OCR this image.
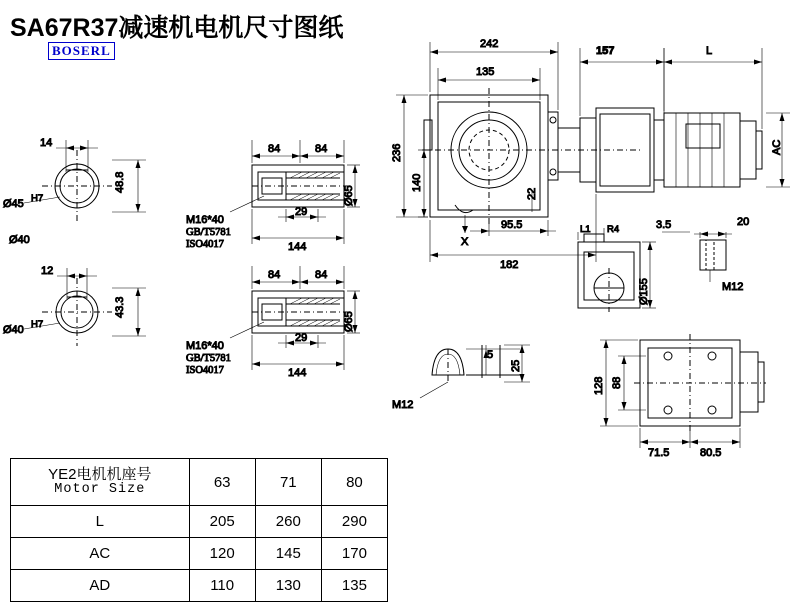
SA67R37减速机电机尺寸图纸
BOSERL
14
Ø45 H7
48.8
Ø40
12
Ø40 H7
43.3
84	84
29
144
Ø65
M16*40
GB/T5781
ISO4017
84	84
29
144
Ø65
M16*40
GB/T5781
ISO4017
242
135
157	L
AC
236
140
22
X
95.5
182
L1 R4	3.5	20
M12
Ø155
5
25
M12
128 88
71.5	80.5
YE2电机机座号
Motor Size	63	71	80
L	205	260	290
AC	120	145	170
AD	110	130	135
